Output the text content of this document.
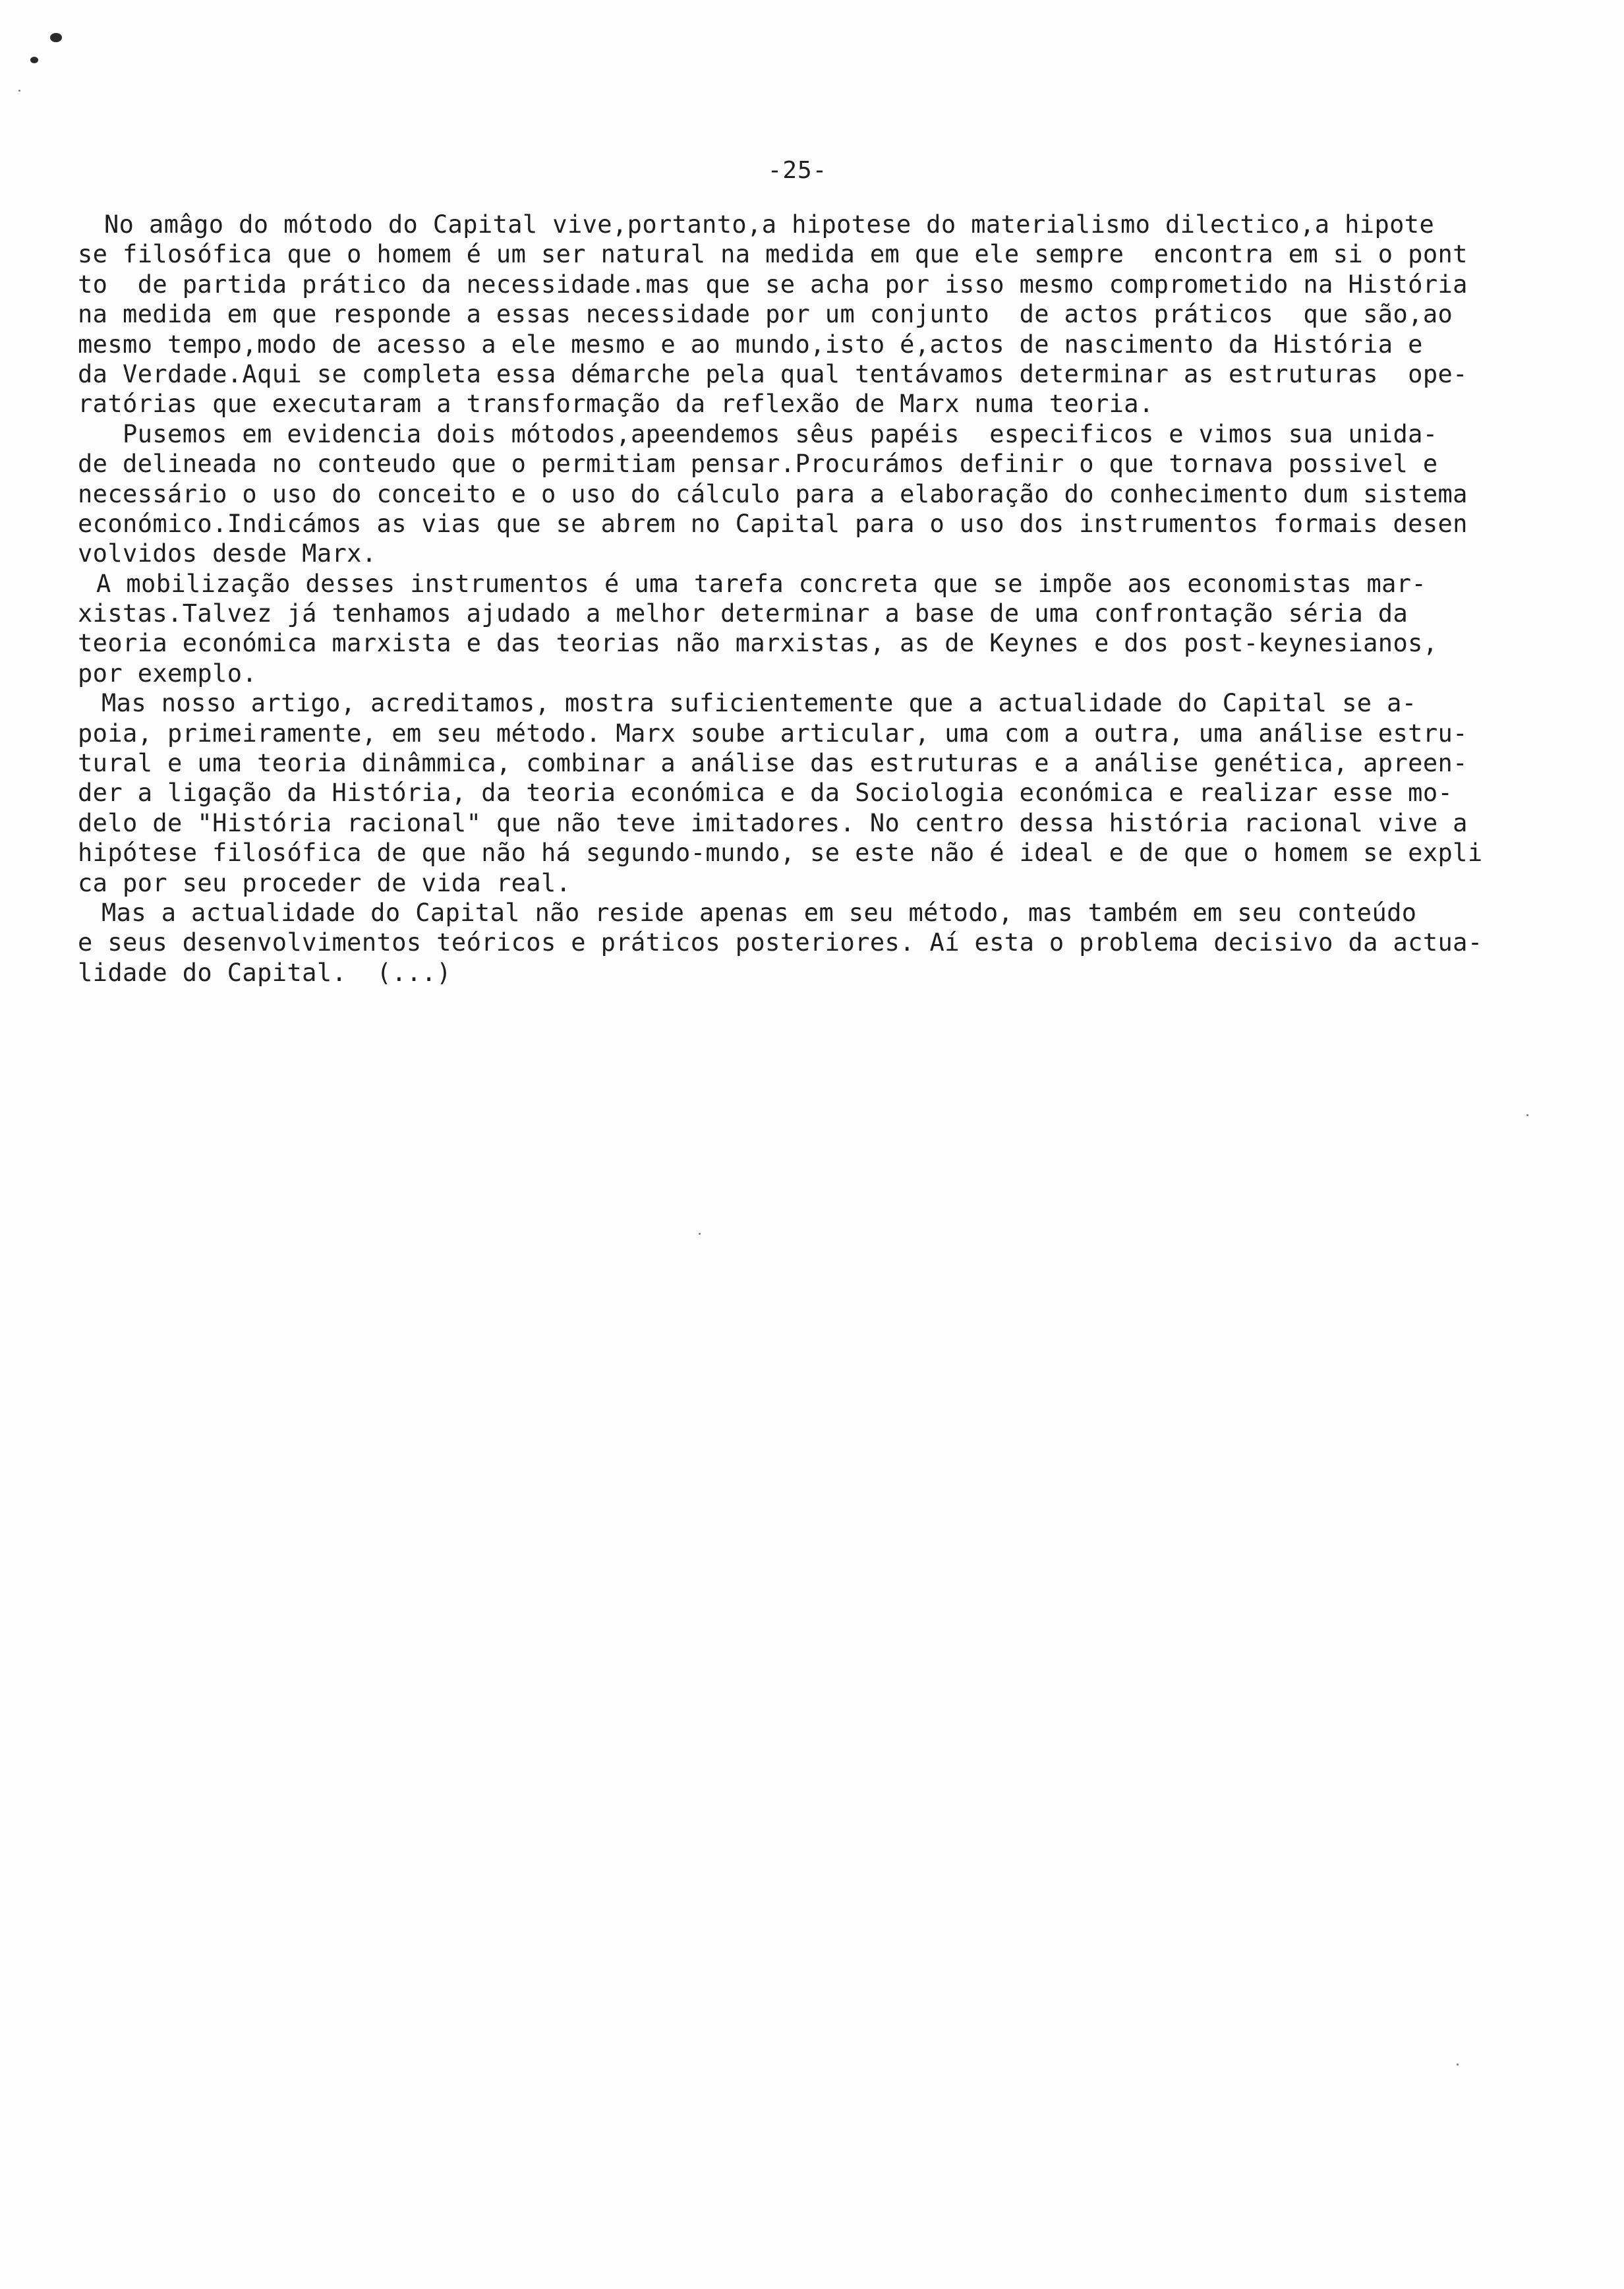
-25-
No amâgo do mótodo do Capital vive,portanto,a hipotese do materialismo dilectico,a hipote
se filosófica que o homem é um ser natural na medida em que ele sempre  encontra em si o pont
to  de partida prático da necessidade.mas que se acha por isso mesmo comprometido na História
na medida em que responde a essas necessidade por um conjunto  de actos práticos  que são,ao
mesmo tempo,modo de acesso a ele mesmo e ao mundo,isto é,actos de nascimento da História e
da Verdade.Aqui se completa essa démarche pela qual tentávamos determinar as estruturas  ope-
ratórias que executaram a transformação da reflexão de Marx numa teoria.
Pusemos em evidencia dois mótodos,apeendemos sêus papéis  especificos e vimos sua unida-
de delineada no conteudo que o permitiam pensar.Procurámos definir o que tornava possivel e
necessário o uso do conceito e o uso do cálculo para a elaboração do conhecimento dum sistema
económico.Indicámos as vias que se abrem no Capital para o uso dos instrumentos formais desen
volvidos desde Marx.
A mobilização desses instrumentos é uma tarefa concreta que se impõe aos economistas mar-
xistas.Talvez já tenhamos ajudado a melhor determinar a base de uma confrontação séria da
teoria económica marxista e das teorias não marxistas, as de Keynes e dos post-keynesianos,
por exemplo.
Mas nosso artigo, acreditamos, mostra suficientemente que a actualidade do Capital se a-
poia, primeiramente, em seu método. Marx soube articular, uma com a outra, uma análise estru-
tural e uma teoria dinâmmica, combinar a análise das estruturas e a análise genética, apreen-
der a ligação da História, da teoria económica e da Sociologia económica e realizar esse mo-
delo de "História racional" que não teve imitadores. No centro dessa história racional vive a
hipótese filosófica de que não há segundo-mundo, se este não é ideal e de que o homem se expli
ca por seu proceder de vida real.
Mas a actualidade do Capital não reside apenas em seu método, mas também em seu conteúdo
e seus desenvolvimentos teóricos e práticos posteriores. Aí esta o problema decisivo da actua-
lidade do Capital.  (...)
